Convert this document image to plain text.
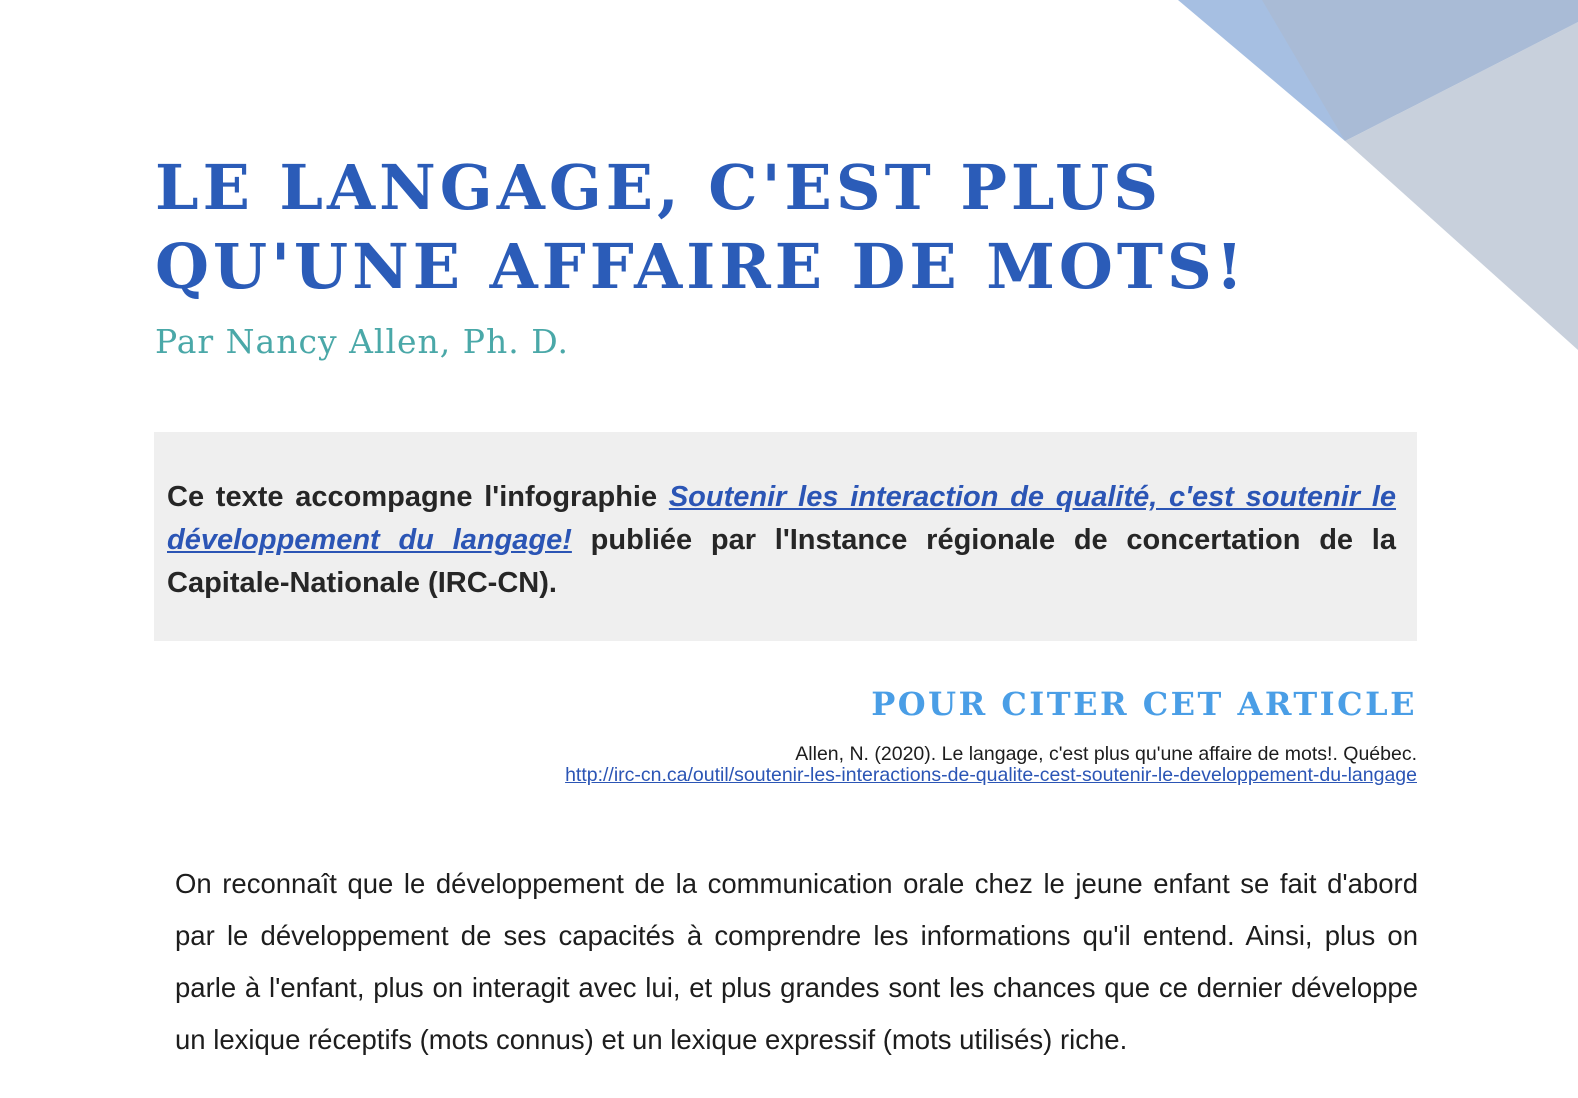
LE LANGAGE, C'EST PLUS
QU'UNE AFFAIRE DE MOTS!

Par Nancy Allen, Ph. D.

Ce texte accompagne l'infographie Soutenir les interaction de qualité, c'est soutenir le développement du langage! publiée par l'Instance régionale de concertation de la Capitale-Nationale (IRC-CN).

POUR CITER CET ARTICLE
Allen, N. (2020). Le langage, c'est plus qu'une affaire de mots!. Québec.
http://irc-cn.ca/outil/soutenir-les-interactions-de-qualite-cest-soutenir-le-developpement-du-langage

On reconnaît que le développement de la communication orale chez le jeune enfant se fait d'abord par le développement de ses capacités à comprendre les informations qu'il entend. Ainsi, plus on parle à l'enfant, plus on interagit avec lui, et plus grandes sont les chances que ce dernier développe un lexique réceptifs (mots connus) et un lexique expressif (mots utilisés) riche.
